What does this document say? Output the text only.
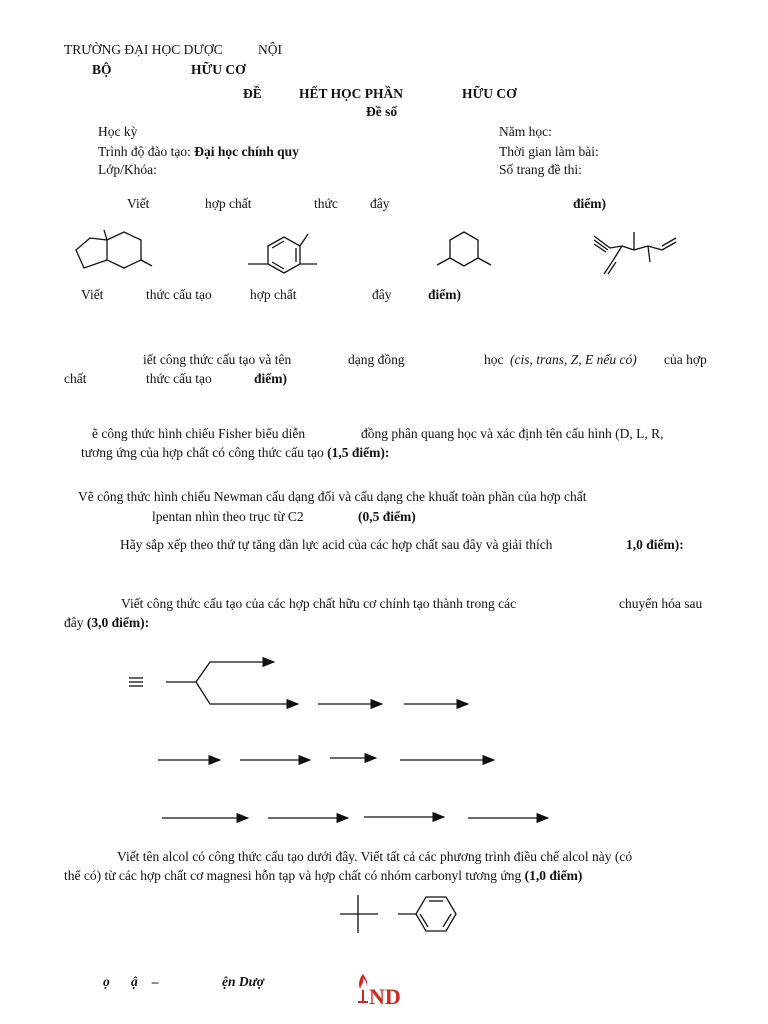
TRƯỜNG ĐẠI HỌC DƯỢC	NỘI
BỘ	HỮU CƠ
ĐỀ	HẾT HỌC PHẦN	HỮU CƠ
Đề số
Học kỳ
Trình độ đào tạo: Đại học chính quy
Lớp/Khóa:
Năm học:
Thời gian làm bài:
Số trang đề thi:
Viết	hợp chất	thức đây	điểm)
Viết	thức cấu tạo	hợp chất	đây	điểm)
iết công thức cấu tạo và tên	dạng đồng	học (cis, trans, Z, E nếu có) của hợp
chất	thức cấu tạo	điểm)
ẽ công thức hình chiếu Fisher biểu diễn	đồng phân quang học và xác định tên cấu hình (D, L, R,
tương ứng của hợp chất có công thức cấu tạo (1,5 điểm):
Vẽ công thức hình chiếu Newman cấu dạng đối và cấu dạng che khuất toàn phần của hợp chất
lpentan nhìn theo trục từ C2	(0,5 điểm)
Hãy sắp xếp theo thứ tự tăng dần lực acid của các hợp chất sau đây và giải thích	1,0 điểm):
Viết công thức cấu tạo của các hợp chất hữu cơ chính tạo thành trong các	chuyển hóa sau
đây (3,0 điểm):
Viết tên alcol có công thức cấu tạo dưới đây. Viết tất cả các phương trình điều chế alcol này (có
thể có) từ các hợp chất cơ magnesi hỗn tạp và hợp chất có nhóm carbonyl tương ứng (1,0 điểm)
ọ ậ –	ện Dượ
ND
